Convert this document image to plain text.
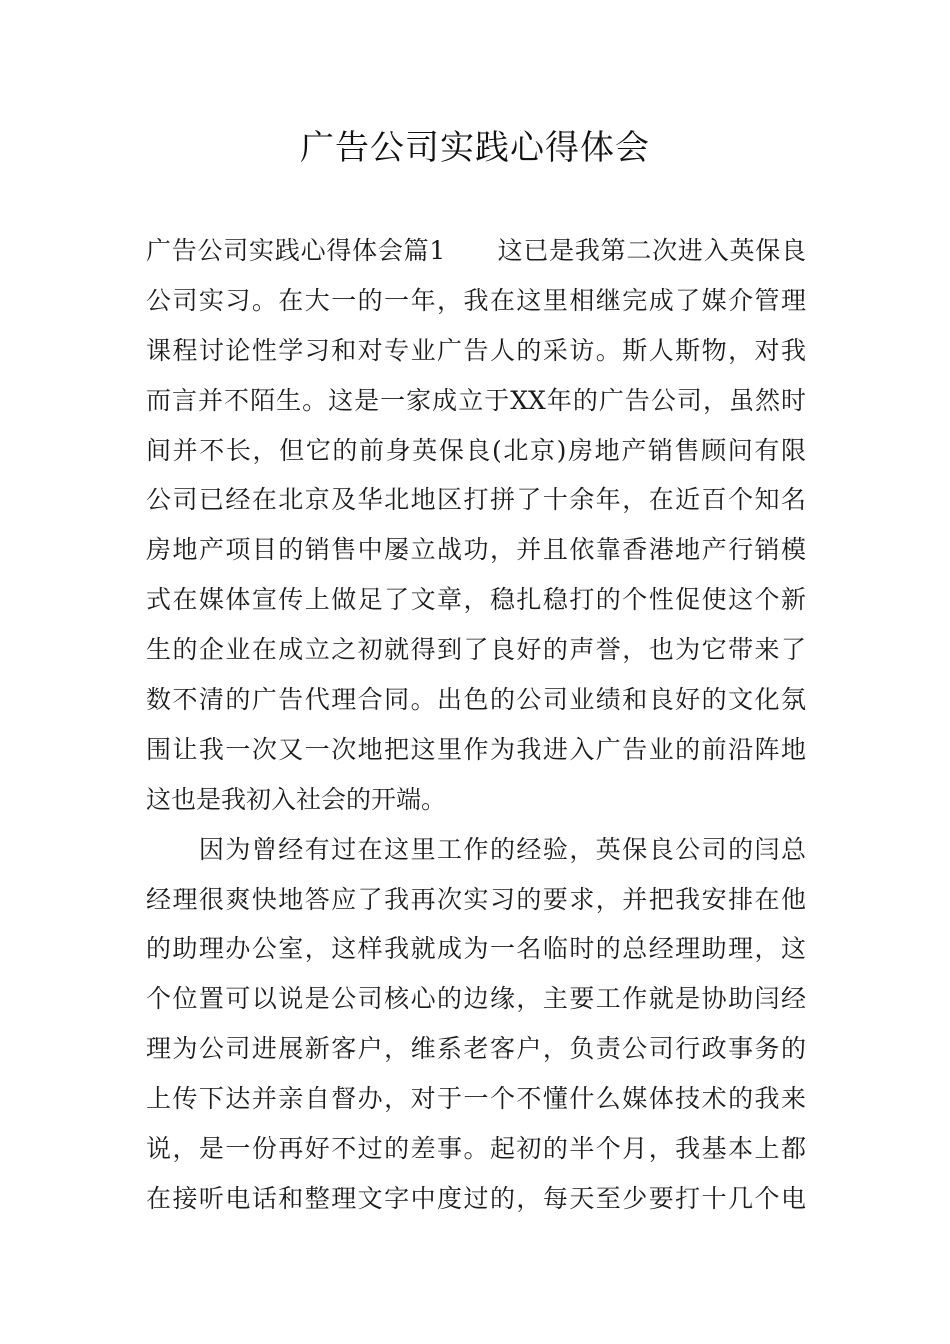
广告公司实践心得体会
广告公司实践心得体会篇1　　这已是我第二次进入英保良
公司实习。在大一的一年，我在这里相继完成了媒介管理
课程讨论性学习和对专业广告人的采访。斯人斯物，对我
而言并不陌生。这是一家成立于XX年的广告公司，虽然时
间并不长，但它的前身英保良(北京)房地产销售顾问有限
公司已经在北京及华北地区打拼了十余年，在近百个知名
房地产项目的销售中屡立战功，并且依靠香港地产行销模
式在媒体宣传上做足了文章，稳扎稳打的个性促使这个新
生的企业在成立之初就得到了良好的声誉，也为它带来了
数不清的广告代理合同。出色的公司业绩和良好的文化氛
围让我一次又一次地把这里作为我进入广告业的前沿阵地
这也是我初入社会的开端。
　　因为曾经有过在这里工作的经验，英保良公司的闫总
经理很爽快地答应了我再次实习的要求，并把我安排在他
的助理办公室，这样我就成为一名临时的总经理助理，这
个位置可以说是公司核心的边缘，主要工作就是协助闫经
理为公司进展新客户，维系老客户，负责公司行政事务的
上传下达并亲自督办，对于一个不懂什么媒体技术的我来
说，是一份再好不过的差事。起初的半个月，我基本上都
在接听电话和整理文字中度过的，每天至少要打十几个电
